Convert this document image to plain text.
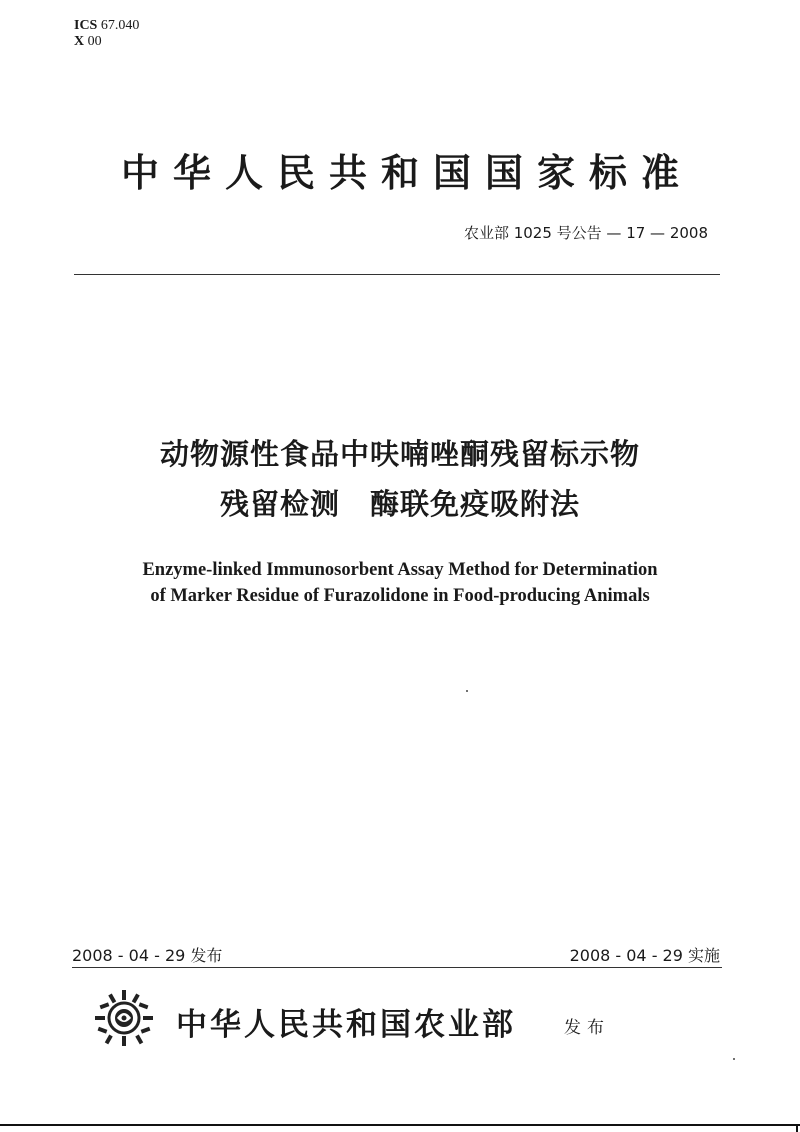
ICS 67.040
X 00
中华人民共和国国家标准
农业部 1025 号公告 — 17 — 2008
动物源性食品中呋喃唑酮残留标示物
残留检测　酶联免疫吸附法
Enzyme-linked Immunosorbent Assay Method for Determination
of Marker Residue of Furazolidone in Food-producing Animals
2008 - 04 - 29 发布	2008 - 04 - 29 实施
中华人民共和国农业部	发布
